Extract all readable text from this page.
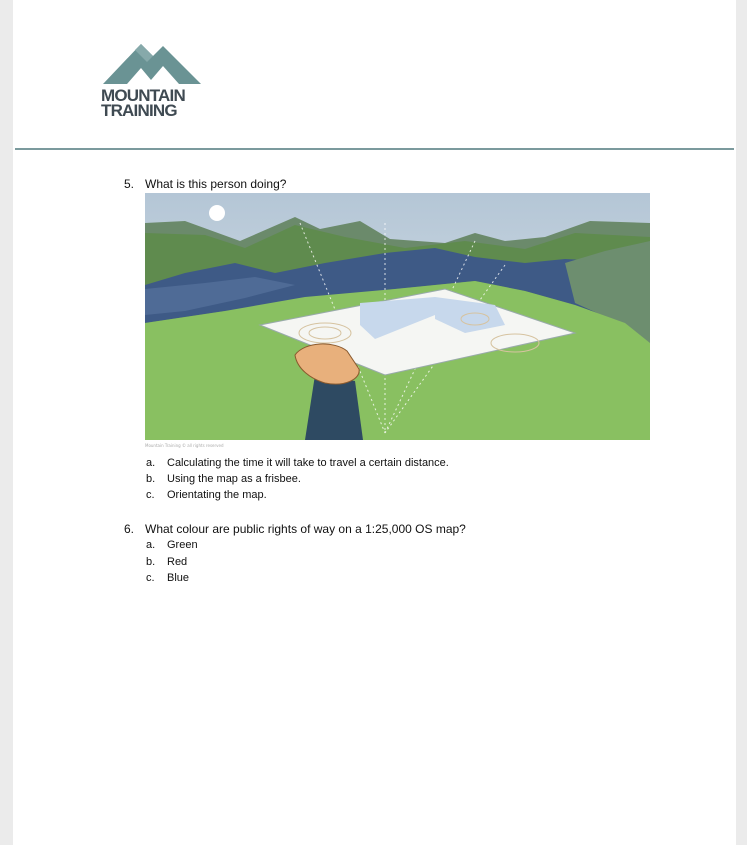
MOUNTAIN
TRAINING
5. What is this person doing?
Mountain Training © all rights reserved
a. Calculating the time it will take to travel a certain distance.
b. Using the map as a frisbee.
c. Orientating the map.
6. What colour are public rights of way on a 1:25,000 OS map?
a. Green
b. Red
c. Blue
